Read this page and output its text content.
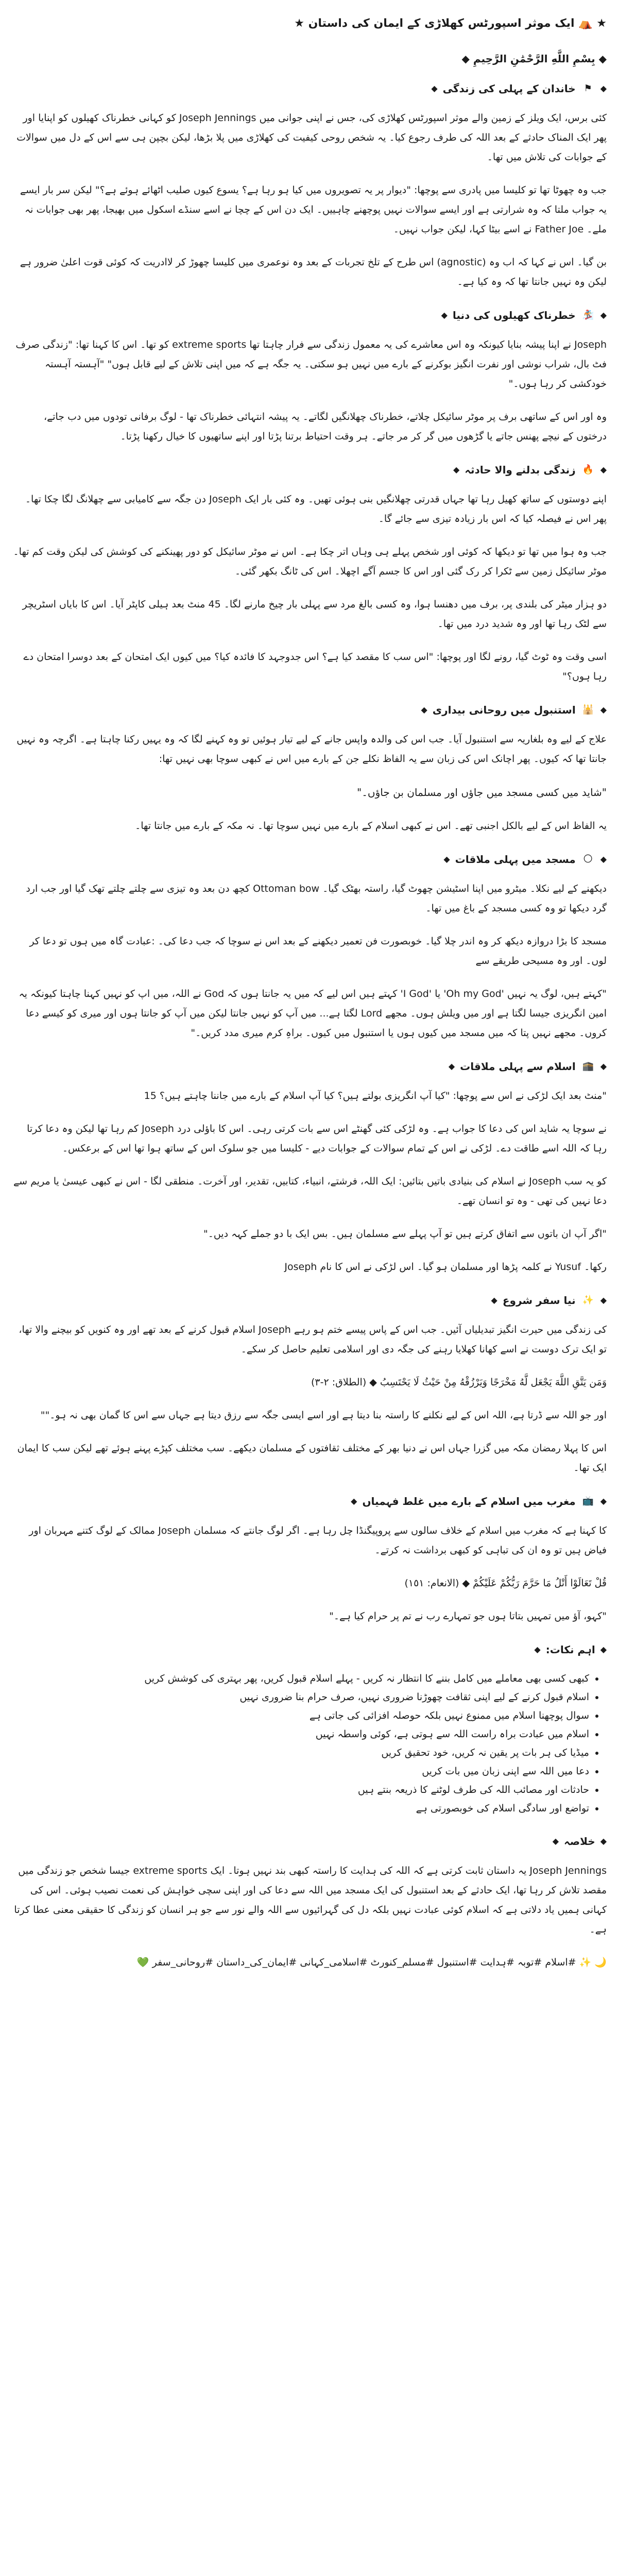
★ ⛺ ایک موثر اسپورٹس کھلاڑی کے ایمان کی داستان ★
◆ بِسْمِ اللَّهِ الرَّحْمَٰنِ الرَّحِيمِ ◆
◆
⚑
خاندان کے پہلی کی زندگی
◆
کئی برس، ایک ویلز کے زمین والے موثر اسپورٹس کھلاڑی کی، جس نے اپنی جوانی میں Joseph Jennings کو کہانی خطرناک کھیلوں کو اپنایا اور پھر ایک المناک حادثے کے بعد اللہ کی طرف رجوع کیا۔ یہ شخص روحی کیفیت کی کھلاڑی میں پلا بڑھا، لیکن بچپن ہی سے اس کے دل میں سوالات کے جوابات کی تلاش میں تھا۔
جب وہ چھوٹا تھا تو کلیسا میں پادری سے پوچھا: "دیوار پر یہ تصویروں میں کیا ہو رہا ہے؟ یسوع کیوں صلیب اٹھائے ہوئے ہے؟" لیکن سر بار ایسے یہ جواب ملتا کہ وہ شرارتی ہے اور ایسے سوالات نہیں پوچھنے چاہییں۔ ایک دن اس کے چچا نے اسے سنڈے اسکول میں بھیجا، پھر بھی جوابات نہ ملے۔ Father Joe نے اسے بیٹا کہا، لیکن جواب نہیں۔
بن گیا۔ اس نے کہا کہ اب وہ (agnostic) اس طرح کے تلخ تجربات کے بعد وہ نوعمری میں کلیسا چھوڑ کر لاادریت کہ کوئی قوت اعلیٰ ضرور ہے لیکن وہ نہیں جانتا تھا کہ وہ کیا ہے۔
◆
🏂
خطرناک کھیلوں کی دنیا
◆
Joseph نے اپنا پیشہ بنایا کیونکہ وہ اس معاشرے کی یہ معمول زندگی سے فرار چاہتا تھا extreme sports کو تھا۔ اس کا کہنا تھا: "زندگی صرف فٹ بال، شراب نوشی اور نفرت انگیز بوکرنے کے بارے میں نہیں ہو سکتی۔ یہ جگہ ہے کہ میں اپنی تلاش کے لیے قابل ہوں" "آہستہ آہستہ خودکشی کر رہا ہوں۔"
وہ اور اس کے ساتھی برف پر موٹر سائیکل چلاتے، خطرناک چھلانگیں لگاتے۔ یہ پیشہ انتہائی خطرناک تھا - لوگ برفانی تودوں میں دب جاتے، درختوں کے نیچے پھنس جاتے یا گڑھوں میں گر کر مر جاتے۔ ہر وقت احتیاط برتنا پڑتا اور اپنے ساتھیوں کا خیال رکھنا پڑتا۔
◆
🔥
زندگی بدلنے والا حادثہ
◆
اپنے دوستوں کے ساتھ کھیل رہا تھا جہاں قدرتی چھلانگیں بنی ہوئی تھیں۔ وہ کئی بار ایک Joseph دن جگہ سے کامیابی سے چھلانگ لگا چکا تھا۔ پھر اس نے فیصلہ کیا کہ اس بار زیادہ تیزی سے جائے گا۔
جب وہ ہوا میں تھا تو دیکھا کہ کوئی اور شخص پہلے ہی وہاں اتر چکا ہے۔ اس نے موٹر سائیکل کو دور پھینکنے کی کوشش کی لیکن وقت کم تھا۔ موٹر سائیکل زمین سے ٹکرا کر رک گئی اور اس کا جسم آگے اچھلا۔ اس کی ٹانگ بکھر گئی۔
دو ہزار میٹر کی بلندی پر، برف میں دھنسا ہوا، وہ کسی بالغ مرد سے پہلی بار چیخ مارنے لگا۔ 45 منٹ بعد ہیلی کاپٹر آیا۔ اس کا بایاں اسٹریچر سے لٹک رہا تھا اور وہ شدید درد میں تھا۔
اسی وقت وہ ٹوٹ گیا، رونے لگا اور پوچھا: "اس سب کا مقصد کیا ہے؟ اس جدوجہد کا فائدہ کیا؟ میں کیوں ایک امتحان کے بعد دوسرا امتحان دے رہا ہوں؟"
◆
🕌
استنبول میں روحانی بیداری
◆
علاج کے لیے وہ بلغاریہ سے استنبول آیا۔ جب اس کی والدہ واپس جانے کے لیے تیار ہوئیں تو وہ کہنے لگا کہ وہ یہیں رکنا چاہتا ہے۔ اگرچہ وہ نہیں جانتا تھا کہ کیوں۔ پھر اچانک اس کی زبان سے یہ الفاظ نکلے جن کے بارے میں اس نے کبھی سوچا بھی نہیں تھا:
"شاید میں کسی مسجد میں جاؤں اور مسلمان بن جاؤں۔"
یہ الفاظ اس کے لیے بالکل اجنبی تھے۔ اس نے کبھی اسلام کے بارے میں نہیں سوچا تھا۔ نہ مکہ کے بارے میں جانتا تھا۔
◆
🌕
مسجد میں پہلی ملاقات
◆
دیکھنے کے لیے نکلا۔ میٹرو میں اپنا اسٹیشن چھوٹ گیا، راستہ بھٹک گیا۔ Ottoman bow کچھ دن بعد وہ تیزی سے چلتے چلتے تھک گیا اور جب ارد گرد دیکھا تو وہ کسی مسجد کے باغ میں تھا۔
مسجد کا بڑا دروازہ دیکھ کر وہ اندر چلا گیا۔ خوبصورت فن تعمیر دیکھنے کے بعد اس نے سوچا کہ جب دعا کی۔ :عبادت گاہ میں ہوں تو دعا کر لوں۔ اور وہ مسیحی طریقے سے
"کہتے ہیں، لوگ یہ نہیں 'Oh my God' یا 'I God' کہتے ہیں اس لیے کہ میں یہ جانتا ہوں کہ God نے اللہ، میں اپ کو نہیں کہنا چاہتا کیونکہ یہ امین انگریزی جیسا لگتا ہے اور میں ویلش ہوں۔ مجھے Lord لگتا ہے... میں آپ کو نہیں جانتا لیکن میں آپ کو جانتا ہوں اور میری کو کیسے دعا کروں۔ مجھے نہیں پتا کہ میں مسجد میں کیوں ہوں یا استنبول میں کیوں۔ براہِ کرم میری مدد کریں۔"
◆
🕋
اسلام سے پہلی ملاقات
◆
"منٹ بعد ایک لڑکی نے اس سے پوچھا: "کیا آپ انگریزی بولتے ہیں؟ کیا آپ اسلام کے بارے میں جاننا چاہتے ہیں؟ 15
نے سوچا یہ شاید اس کی دعا کا جواب ہے۔ وہ لڑکی کئی گھنٹے اس سے بات کرتی رہی۔ اس کا باؤلی درد Joseph کم رہا تھا لیکن وہ دعا کرتا رہا کہ اللہ اسے طاقت دے۔ لڑکی نے اس کے تمام سوالات کے جوابات دیے - کلیسا میں جو سلوک اس کے ساتھ ہوا تھا اس کے برعکس۔
کو یہ سب Joseph نے اسلام کی بنیادی باتیں بتائیں: ایک اللہ، فرشتے، انبیاء، کتابیں، تقدیر، اور آخرت۔ منطقی لگا - اس نے کبھی عیسیٰ یا مریم سے دعا نہیں کی تھی - وہ تو انسان تھے۔
"اگر آپ ان باتوں سے اتفاق کرتے ہیں تو آپ پہلے سے مسلمان ہیں۔ بس ایک با دو جملے کہہ دیں۔"
رکھا۔ Yusuf نے کلمہ پڑھا اور مسلمان ہو گیا۔ اس لڑکی نے اس کا نام Joseph
◆
✨
نیا سفر شروع
◆
کی زندگی میں حیرت انگیز تبدیلیاں آئیں۔ جب اس کے پاس پیسے ختم ہو رہے Joseph اسلام قبول کرنے کے بعد تھے اور وہ کنویں کو بیچنے والا تھا، تو ایک ترک دوست نے اسے کھانا کھلایا رہنے کی جگہ دی اور اسلامی تعلیم حاصل کر سکے۔
وَمَن يَتَّقِ اللَّهَ يَجْعَل لَّهُ مَخْرَجًا وَيَرْزُقْهُ مِنْ حَيْثُ لَا يَحْتَسِبُ ◆ (الطلاق: ٢-٣)
اور جو اللہ سے ڈرتا ہے، اللہ اس کے لیے نکلنے کا راستہ بنا دیتا ہے اور اسے ایسی جگہ سے رزق دیتا ہے جہاں سے اس کا گمان بھی نہ ہو۔""
اس کا پہلا رمضان مکہ میں گزرا جہاں اس نے دنیا بھر کے مختلف ثقافتوں کے مسلمان دیکھے۔ سب مختلف کپڑے پہنے ہوئے تھے لیکن سب کا ایمان ایک تھا۔
◆
📺
مغرب میں اسلام کے بارے میں غلط فہمیاں
◆
کا کہنا ہے کہ مغرب میں اسلام کے خلاف سالوں سے پروپیگنڈا چل رہا ہے۔ اگر لوگ جانتے کہ مسلمان Joseph ممالک کے لوگ کتنے مہربان اور فیاض ہیں تو وہ ان کی تباہی کو کبھی برداشت نہ کرتے۔
قُلْ تَعَالَوْا أَتْلُ مَا حَرَّمَ رَبُّكُمْ عَلَيْكُمْ ◆ (الانعام: ١٥١)
"کہو، آؤ میں تمہیں بتاتا ہوں جو تمہارے رب نے تم پر حرام کیا ہے۔"
◆
اہم نکات:
◆
• کبھی کسی بھی معاملے میں کامل بننے کا انتظار نہ کریں - پہلے اسلام قبول کریں، پھر بہتری کی کوشش کریں
• اسلام قبول کرنے کے لیے اپنی ثقافت چھوڑنا ضروری نہیں، صرف حرام بنا ضروری نہیں
• سوال پوچھنا اسلام میں ممنوع نہیں بلکہ حوصلہ افزائی کی جاتی ہے
• اسلام میں عبادت براہ راست اللہ سے ہوتی ہے، کوئی واسطہ نہیں
• میڈیا کی ہر بات پر یقین نہ کریں، خود تحقیق کریں
• دعا میں اللہ سے اپنی زبان میں بات کریں
• حادثات اور مصائب اللہ کی طرف لوٹنے کا ذریعہ بنتے ہیں
• تواضع اور سادگی اسلام کی خوبصورتی ہے
◆
خلاصہ
◆
Joseph Jennings یہ داستان ثابت کرتی ہے کہ اللہ کی ہدایت کا راستہ کبھی بند نہیں ہوتا۔ ایک extreme sports جیسا شخص جو زندگی میں مقصد تلاش کر رہا تھا، ایک حادثے کے بعد استنبول کی ایک مسجد میں اللہ سے دعا کی اور اپنی سچی خواہش کی نعمت نصیب ہوئی۔ اس کی کہانی ہمیں یاد دلاتی ہے کہ اسلام کوئی عبادت نہیں بلکہ دل کی گہرائیوں سے اللہ والے نور سے جو ہر انسان کو زندگی کا حقیقی معنی عطا کرتا ہے۔
🌙 ✨ #اسلام #توبہ #ہدایت #استنبول #مسلم_کنورٹ #اسلامی_کہانی #ایمان_کی_داستان #روحانی_سفر 💚
